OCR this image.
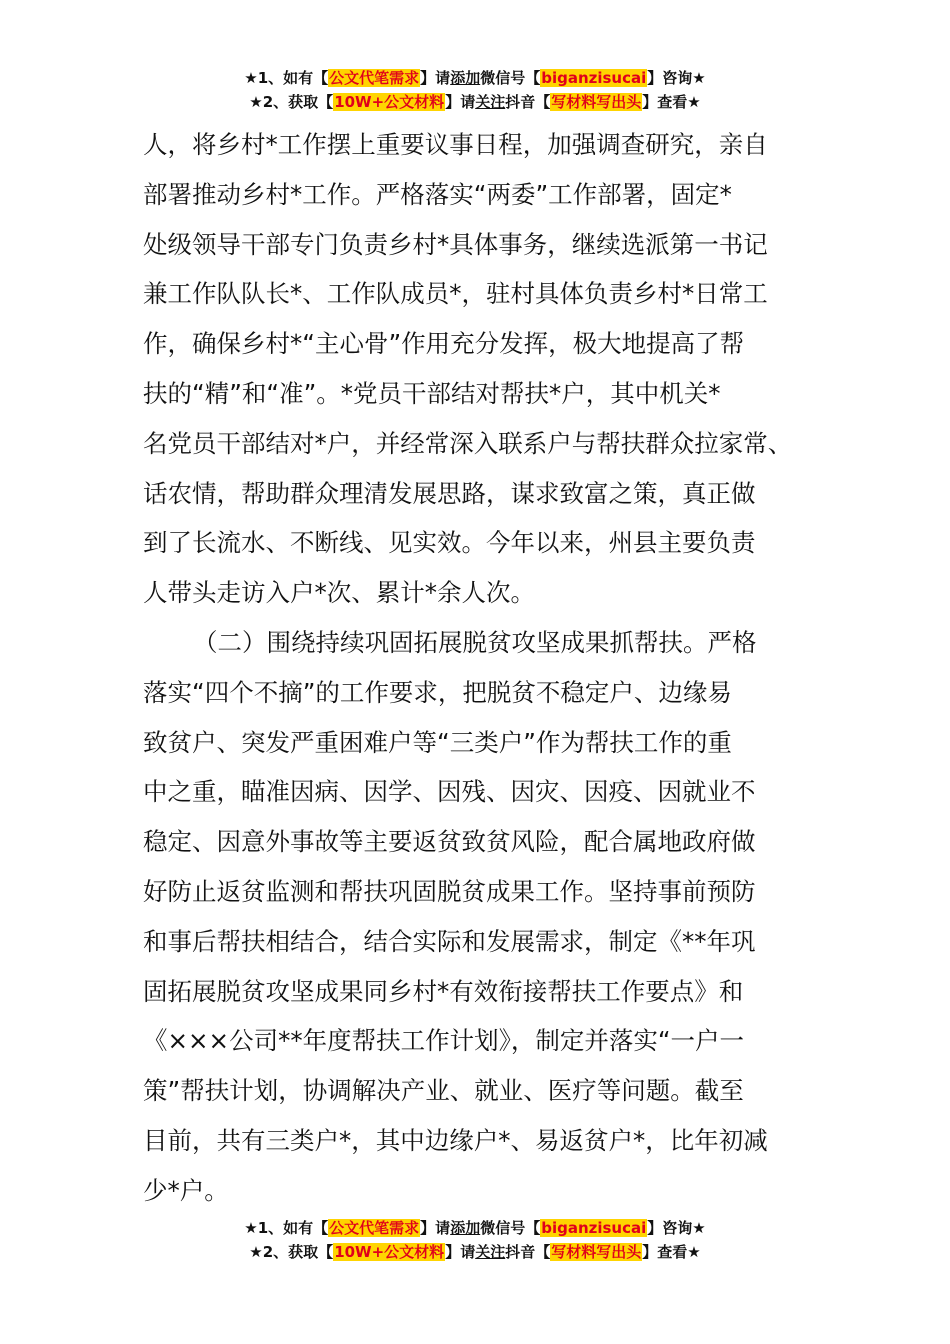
★1、如有【公文代笔需求】请添加微信号【biganzisucai】咨询★
★2、获取【10W+公文材料】请关注抖音【写材料写出头】查看★
人，将乡村*工作摆上重要议事日程，加强调查研究，亲自
部署推动乡村*工作。严格落实“两委”工作部署，固定*
处级领导干部专门负责乡村*具体事务，继续选派第一书记
兼工作队队长*、工作队成员*，驻村具体负责乡村*日常工
作，确保乡村*“主心骨”作用充分发挥，极大地提高了帮
扶的“精”和“准”。*党员干部结对帮扶*户，其中机关*
名党员干部结对*户，并经常深入联系户与帮扶群众拉家常、
话农情，帮助群众理清发展思路，谋求致富之策，真正做
到了长流水、不断线、见实效。今年以来，州县主要负责
人带头走访入户*次、累计*余人次。
（二）围绕持续巩固拓展脱贫攻坚成果抓帮扶。严格
落实“四个不摘”的工作要求，把脱贫不稳定户、边缘易
致贫户、突发严重困难户等“三类户”作为帮扶工作的重
中之重，瞄准因病、因学、因残、因灾、因疫、因就业不
稳定、因意外事故等主要返贫致贫风险，配合属地政府做
好防止返贫监测和帮扶巩固脱贫成果工作。坚持事前预防
和事后帮扶相结合，结合实际和发展需求，制定《**年巩
固拓展脱贫攻坚成果同乡村*有效衔接帮扶工作要点》和
《×××公司**年度帮扶工作计划》，制定并落实“一户一
策”帮扶计划，协调解决产业、就业、医疗等问题。截至
目前，共有三类户*，其中边缘户*、易返贫户*，比年初减
少*户。
★1、如有【公文代笔需求】请添加微信号【biganzisucai】咨询★
★2、获取【10W+公文材料】请关注抖音【写材料写出头】查看★
